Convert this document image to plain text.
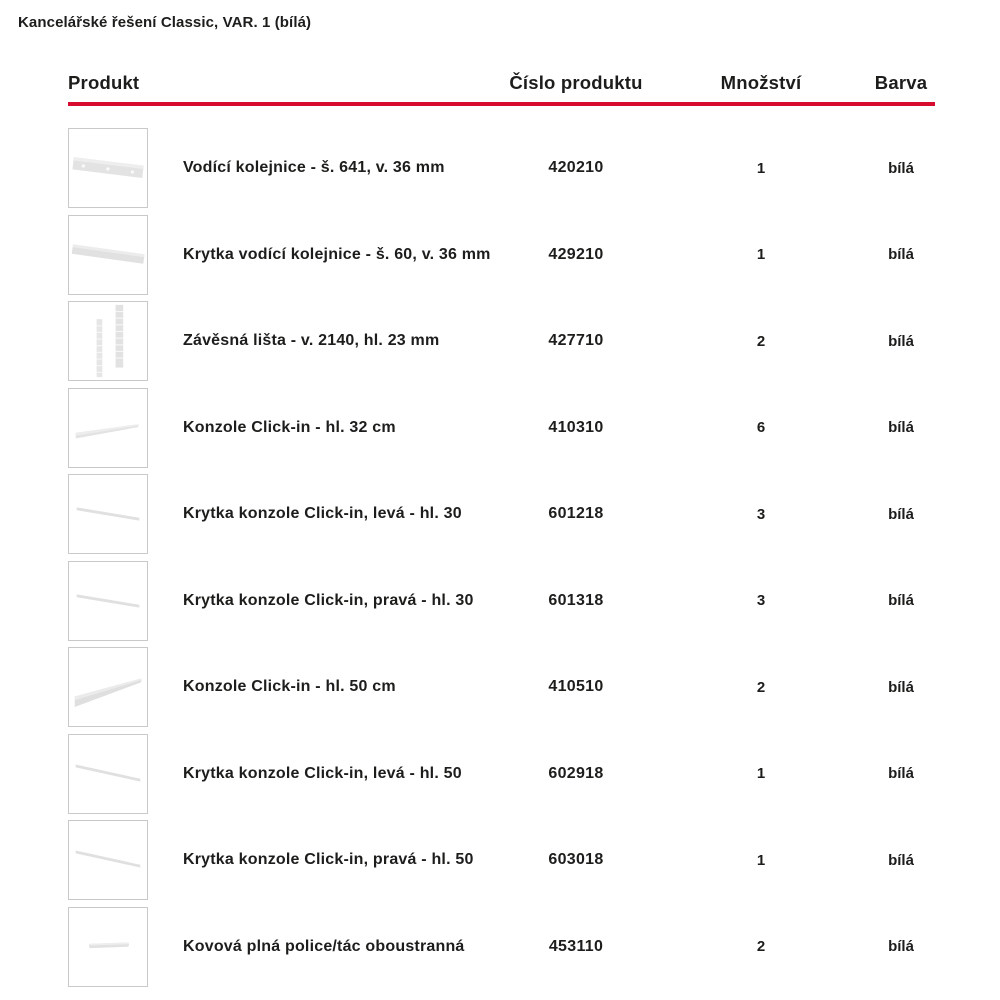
Kancelářské řešení Classic, VAR. 1 (bílá)
Produkt	Číslo produktu	Množství	Barva
Vodící kolejnice - š. 641, v. 36 mm	420210	1	bílá
Krytka vodící kolejnice - š. 60, v. 36 mm	429210	1	bílá
Závěsná lišta - v. 2140, hl. 23 mm	427710	2	bílá
Konzole Click-in - hl. 32 cm	410310	6	bílá
Krytka konzole Click-in, levá - hl. 30	601218	3	bílá
Krytka konzole Click-in, pravá - hl. 30	601318	3	bílá
Konzole Click-in - hl. 50 cm	410510	2	bílá
Krytka konzole Click-in, levá - hl. 50	602918	1	bílá
Krytka konzole Click-in, pravá - hl. 50	603018	1	bílá
Kovová plná police/tác oboustranná	453110	2	bílá
